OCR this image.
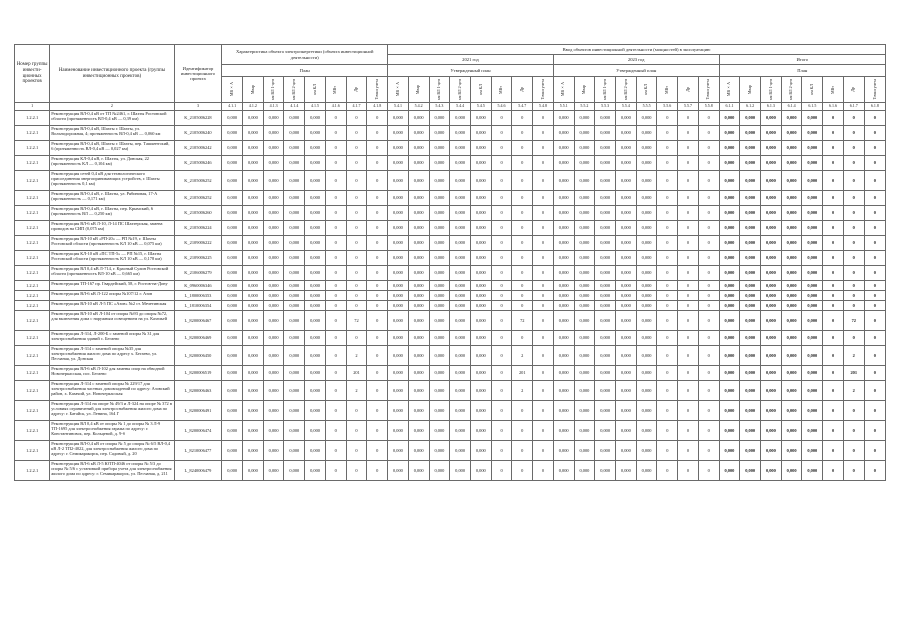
Номер группы инвести-ционных проектов	Наименование инвестиционного проекта (группы инвестиционных проектов)	Идентификатор инвестиционного проекта	Характеристика объекта электроэнергетики (объекта инвестиционной деятельности)								Ввод объектов инвестиционной деятельности (мощностей) в эксплуатацию																							
											2021 год								2023 год								Итого							
			План								Утвержденный план								Утвержденный план								План							

			МВ×А	Мвар	км ВЛ 1-цеп	км ВЛ 2-цеп	км КЛ	МВт	Др	Точки учета	МВ×А	Мвар	км ВЛ 1-цеп	км ВЛ 2-цеп	км КЛ	МВт	Др	Точки учета	МВ×А	Мвар	км ВЛ 1-цеп	км ВЛ 2-цеп	км КЛ	МВт	Др	Точки учета	МВ×А	Мвар	км ВЛ 1-цеп	км ВЛ 2-цеп	км КЛ	МВт	Др	Точки учета

1	2	3	4.1.1	4.1.2	4.1.3	4.1.4	4.1.5	4.1.6	4.1.7	4.1.8	5.4.1	5.4.2	5.4.3	5.4.4	5.4.5	5.4.6	5.4.7	5.4.8	5.5.1	5.5.2	5.5.3	5.5.4	5.5.5	5.5.6	5.5.7	5.5.8	6.1.1	6.1.2	6.1.3	6.1.4	6.1.5	6.1.6	6.1.7	6.1.8
1.2.2.1	Реконструкция ВЛ-0,4 кВ от ТП №2461, г. Шахты Ростовской области (протяженность ВЛ-0,4 кВ — 0,39 км)	K_2105006228	0,000	0,000	0,000	0,000	0,000	0	0	0	0,000	0,000	0,000	0,000	0,000	0	0	0	0,000	0,000	0,000	0,000	0,000	0	0	0	0,000	0,000	0,000	0,000	0,000	0	0	0
1.2.2.1	Реконструкция ВЛ-0,4 кВ, Шахты г. Шахты, ул. Вольнодорожная, 4; протяженность ВЛ-0,4 кВ — 0,060 км	K_2105006240	0,000	0,000	0,000	0,000	0,000	0	0	0	0,000	0,000	0,000	0,000	0,000	0	0	0	0,000	0,000	0,000	0,000	0,000	0	0	0	0,000	0,000	0,000	0,000	0,000	0	0	0
1.2.2.1	Реконструкция ВЛ-0,4 кВ, Шахты г. Шахты, пер. Ташкентский, 6 (протяженность ВЛ-0,4 кВ — 0,027 км)	K_2105006242	0,000	0,000	0,000	0,000	0,000	0	0	0	0,000	0,000	0,000	0,000	0,000	0	0	0	0,000	0,000	0,000	0,000	0,000	0	0	0	0,000	0,000	0,000	0,000	0,000	0	0	0
1.2.2.1	Реконструкция КЛ-0,4 кВ, г. Шахты, ул. Донская, 22 (протяженность КЛ — 0,104 км)	K_2105006246	0,000	0,000	0,000	0,000	0,000	0	0	0	0,000	0,000	0,000	0,000	0,000	0	0	0	0,000	0,000	0,000	0,000	0,000	0	0	0	0,000	0,000	0,000	0,000	0,000	0	0	0
1.2.2.1	Реконструкция сетей 0,4 кВ для технологического присоединения энергопринимающих устройств, г. Шахты (протяженность 0,1 км)	K_2105006252	0,000	0,000	0,000	0,000	0,000	0	0	0	0,000	0,000	0,000	0,000	0,000	0	0	0	0,000	0,000	0,000	0,000	0,000	0	0	0	0,000	0,000	0,000	0,000	0,000	0	0	0
1.2.2.1	Реконструкция ВЛ-0,4 кВ, г. Шахты, ул. Рябиновая, 17-А (протяженность — 0,171 км)	K_2105006252	0,000	0,000	0,000	0,000	0,000	0	0	0	0,000	0,000	0,000	0,000	0,000	0	0	0	0,000	0,000	0,000	0,000	0,000	0	0	0	0,000	0,000	0,000	0,000	0,000	0	0	0
1.2.2.1	Реконструкция ВЛ-0,4 кВ, г. Шахты, пер. Крымский, 6 (протяженность ВЛ — 0,250 км)	K_2105006260	0,000	0,000	0,000	0,000	0,000	0	0	0	0,000	0,000	0,000	0,000	0,000	0	0	0	0,000	0,000	0,000	0,000	0,000	0	0	0	0,000	0,000	0,000	0,000	0,000	0	0	0
1.2.2.1	Реконструкция ВЛ-6 кВ Л-10, Л-14 ПС Шахтерская, замена проводов на СИП (0,075 км)	K_2105006224	0,000	0,000	0,000	0,000	0,000	0	0	0	0,000	0,000	0,000	0,000	0,000	0	0	0	0,000	0,000	0,000	0,000	0,000	0	0	0	0,000	0,000	0,000	0,000	0,000	0	0	0
1.2.2.1	Реконструкция ВЛ-10 кВ «РП-20» — РП №19, г. Шахты Ростовской области (протяженность КЛ 10 кВ — 0,075 км)	K_2109006222	0,000	0,000	0,000	0,000	0,000	0	0	0	0,000	0,000	0,000	0,000	0,000	0	0	0	0,000	0,000	0,000	0,000	0,000	0	0	0	0,000	0,000	0,000	0,000	0,000	0	0	0
1.2.2.1	Реконструкция КЛ-10 кВ «ПС ТП-5» — РП №15, г. Шахты Ростовской области (протяженность КЛ 10 кВ — 0,178 км)	K_2109006225	0,000	0,000	0,000	0,000	0,000	0	0	0	0,000	0,000	0,000	0,000	0,000	0	0	0	0,000	0,000	0,000	0,000	0,000	0	0	0	0,000	0,000	0,000	0,000	0,000	0	0	0
1.2.2.1	Реконструкция ВЛ 0,4 кВ Л-714, г. Красный Сулин Ростовской области (протяженность ВЛ-10 кВ — 0,665 км)	K_2106006279	0,000	0,000	0,000	0,000	0,000	0	0	0	0,000	0,000	0,000	0,000	0,000	0	0	0	0,000	0,000	0,000	0,000	0,000	0	0	0	0,000	0,000	0,000	0,000	0,000	0	0	0
1.2.2.1	Реконструкция ТП-167 пр. Гвардейский, 58, г. Ростов-на-Дону	K_0960006346	0,000	0,000	0,000	0,000	0,000	0	0	0	0,000	0,000	0,000	0,000	0,000	0	0	0	0,000	0,000	0,000	0,000	0,000	0	0	0	0,000	0,000	0,000	0,000	0,000	0	0	0
1.2.2.1	Реконструкция ВЛ-6 кВ Л-122 опоры №107/12 г. Азов	L_1800006353	0,000	0,000	0,000	0,000	0,000	0	0	0	0,000	0,000	0,000	0,000	0,000	0	0	0	0,000	0,000	0,000	0,000	0,000	0	0	0	0,000	0,000	0,000	0,000	0,000	0	0	0
1.2.2.1	Реконструкция ВЛ-10 кВ Л-5 ПС «Азов» №2 ст. Мечетинская	L_1810006354	0,000	0,000	0,000	0,000	0,000	0	0	0	0,000	0,000	0,000	0,000	0,000	0	0	0	0,000	0,000	0,000	0,000	0,000	0	0	0	0,000	0,000	0,000	0,000	0,000	0	0	0
1.2.2.1	Реконструкция ВЛ-10 кВ Л-104 от опоры №93 до опоры №72, для включения дома с наружным освещением на ул. Казачьей	L_8200006467	0,000	0,000	0,000	0,000	0,000	0	72	0	0,000	0,000	0,000	0,000	0,000	0	72	0	0,000	0,000	0,000	0,000	0,000	0	0	0	0,000	0,000	0,000	0,000	0,000	0	72	0
1.2.2.1	Реконструкция Л-314, Л-200-Б с заменой опоры № 31 для электроснабжения зданий с. Бегаево	L_8200006469	0,000	0,000	0,000	0,000	0,000	0	0	0	0,000	0,000	0,000	0,000	0,000	0	0	0	0,000	0,000	0,000	0,000	0,000	0	0	0	0,000	0,000	0,000	0,000	0,000	0	0	0
1.2.2.1	Реконструкция Л-314 с заменой опоры №35 для электроснабжения жилого дома по адресу х. Бегаево, ул. Песчаная, ул. Донская	L_8200006450	0,000	0,000	0,000	0,000	0,000	0	2	0	0,000	0,000	0,000	0,000	0,000	0	2	0	0,000	0,000	0,000	0,000	0,000	0	0	0	0,000	0,000	0,000	0,000	0,000	0	2	0
1.2.2.1	Реконструкция ВЛ-6 кВ Л-102 для замены опор на обводной Новочеркасская, пос. Бегаево	L_8200006519	0,000	0,000	0,000	0,000	0,000	0	201	0	0,000	0,000	0,000	0,000	0,000	0	201	0	0,000	0,000	0,000	0,000	0,000	0	0	0	0,000	0,000	0,000	0,000	0,000	0	201	0
1.2.2.1	Реконструкция Л-314 с заменой опоры № 229/17 для электроснабжения частных домовладений по адресу: Азовский район, х. Казачий, ул. Новочеркасская	L_8200006463	0,000	0,000	0,000	0,000	0,000	0	2	0	0,000	0,000	0,000	0,000	0,000	0	2	0	0,000	0,000	0,000	0,000	0,000	0	0	0	0,000	0,000	0,000	0,000	0,000	0	2	0
1.2.2.1	Реконструкция Л-314 на опоре № 49/3 и Л-324 на опоре № 372 в условиях ограничений для электроснабжения жилого дома по адресу: г. Батайск, ул. Ленина, 164 Г	L_8200006491	0,000	0,000	0,000	0,000	0,000	0	0	0	0,000	0,000	0,000	0,000	0,000	0	0	0	0,000	0,000	0,000	0,000	0,000	0	0	0	0,000	0,000	0,000	0,000	0,000	0	0	0
1.2.2.1	Реконструкция ВЛ 0,4 кВ от опоры № 1 до опоры № 3 Л-9 ТП-1695 для электроснабжения гаража по адресу: г. Константиновск, пер. Кольцевой, д. 9-б	L_8200006474	0,000	0,000	0,000	0,000	0,000	0	0	0	0,000	0,000	0,000	0,000	0,000	0	0	0	0,000	0,000	0,000	0,000	0,000	0	0	0	0,000	0,000	0,000	0,000	0,000	0	0	0
1.2.2.1	Реконструкция ВЛ-0,4 кВ от опоры № 5 до опоры № 6/5 ВЛ-0,4 кВ Л-2 ТП2-4022, для электроснабжения жилого дома по адресу: г. Семикаракорск, пер. Садовый, д. 20	L_8210006477	0,000	0,000	0,000	0,000	0,000	0	0	0	0,000	0,000	0,000	0,000	0,000	0	0	0	0,000	0,000	0,000	0,000	0,000	0	0	0	0,000	0,000	0,000	0,000	0,000	0	0	0
1.2.2.1	Реконструкция ВЛ-6 кВ Л-5 ЮТП-4046 от опоры № 5/3 до опоры № 5/6 с установкой прибора учета для электроснабжения жилого дома по адресу: г. Семикаракорск, ул. Песчаная, д. 211	L_8240006479	0,000	0,000	0,000	0,000	0,000	0	0	0	0,000	0,000	0,000	0,000	0,000	0	0	0	0,000	0,000	0,000	0,000	0,000	0	0	0	0,000	0,000	0,000	0,000	0,000	0	0	0
